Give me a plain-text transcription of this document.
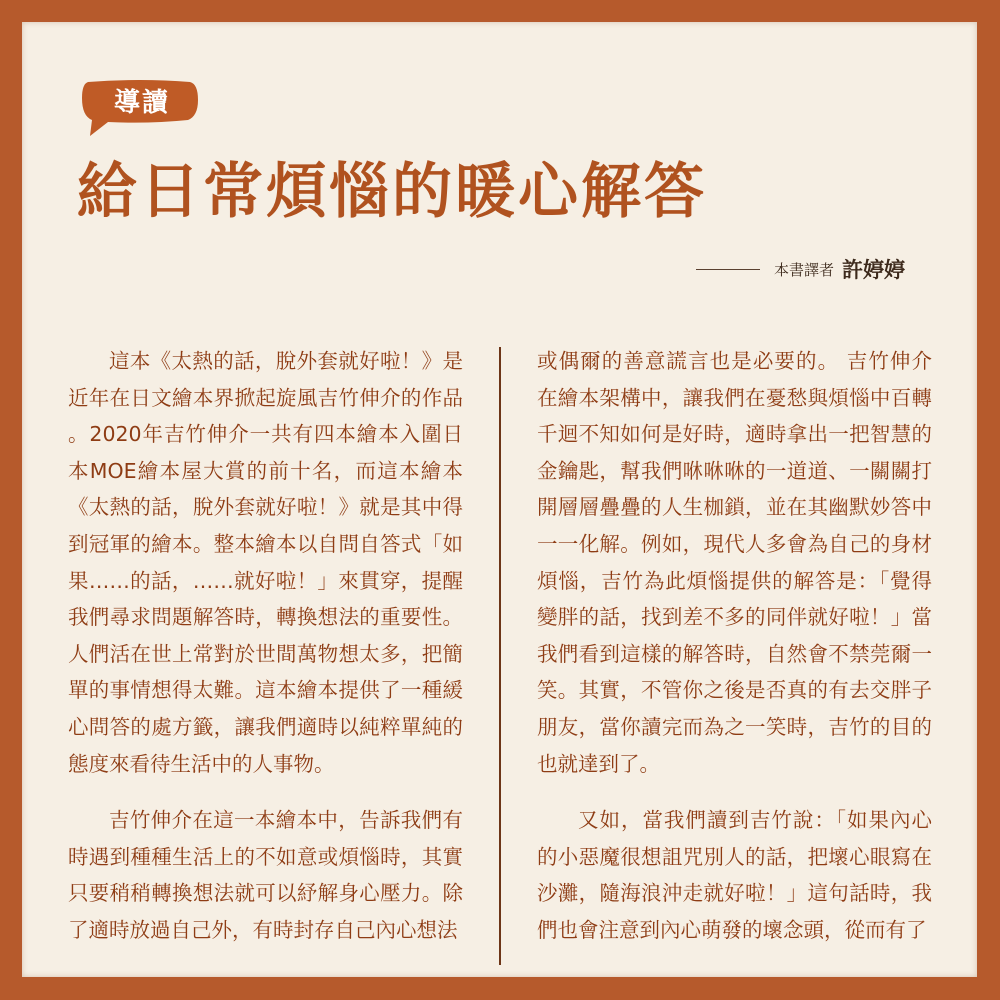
導讀
給日常煩惱的暖心解答
本書譯者 許婷婷

這本《太熱的話，脫外套就好啦！》是近年在日文繪本界掀起旋風吉竹伸介的作品。2020年吉竹伸介一共有四本繪本入圍日本MOE繪本屋大賞的前十名，而這本繪本《太熱的話，脫外套就好啦！》就是其中得到冠軍的繪本。整本繪本以自問自答式「如果……的話，……就好啦！」來貫穿，提醒我們尋求問題解答時，轉換想法的重要性。人們活在世上常對於世間萬物想太多，把簡單的事情想得太難。這本繪本提供了一種緩心問答的處方籤，讓我們適時以純粹單純的態度來看待生活中的人事物。

吉竹伸介在這一本繪本中，告訴我們有時遇到種種生活上的不如意或煩惱時，其實只要稍稍轉換想法就可以紓解身心壓力。除了適時放過自己外，有時封存自己內心想法

或偶爾的善意謊言也是必要的。 吉竹伸介在繪本架構中，讓我們在憂愁與煩惱中百轉千迴不知如何是好時，適時拿出一把智慧的金鑰匙，幫我們咻咻咻的一道道、一關關打開層層疊疊的人生枷鎖，並在其幽默妙答中一一化解。例如，現代人多會為自己的身材煩惱，吉竹為此煩惱提供的解答是：「覺得變胖的話，找到差不多的同伴就好啦！」當我們看到這樣的解答時，自然會不禁莞爾一笑。其實，不管你之後是否真的有去交胖子朋友，當你讀完而為之一笑時，吉竹的目的也就達到了。

又如，當我們讀到吉竹說：「如果內心的小惡魔很想詛咒別人的話，把壞心眼寫在沙灘，隨海浪沖走就好啦！」這句話時，我們也會注意到內心萌發的壞念頭，從而有了
